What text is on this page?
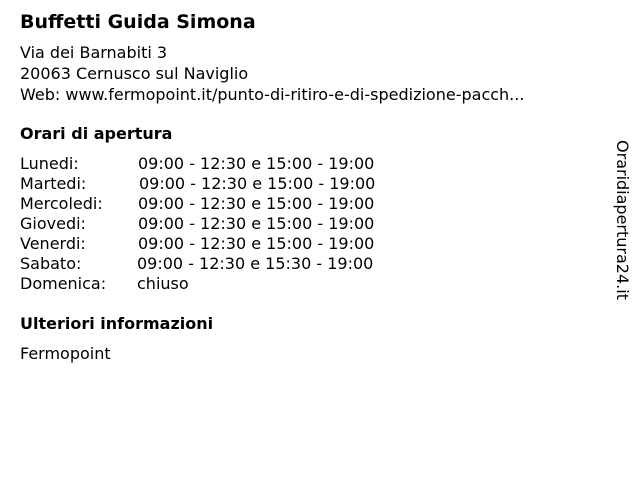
Buffetti Guida Simona
Via dei Barnabiti 3
20063 Cernusco sul Naviglio
Web: www.fermopoint.it/punto-di-ritiro-e-di-spedizione-pacch...
Orari di apertura
Lunedi:	09:00 - 12:30 e 15:00 - 19:00
Martedi:	09:00 - 12:30 e 15:00 - 19:00
Mercoledi: 09:00 - 12:30 e 15:00 - 19:00
Giovedi:	09:00 - 12:30 e 15:00 - 19:00
Venerdi:	09:00 - 12:30 e 15:00 - 19:00
Sabato:	09:00 - 12:30 e 15:30 - 19:00
Domenica: chiuso
Ulteriori informazioni
Fermopoint
Oraridiapertura24.it
